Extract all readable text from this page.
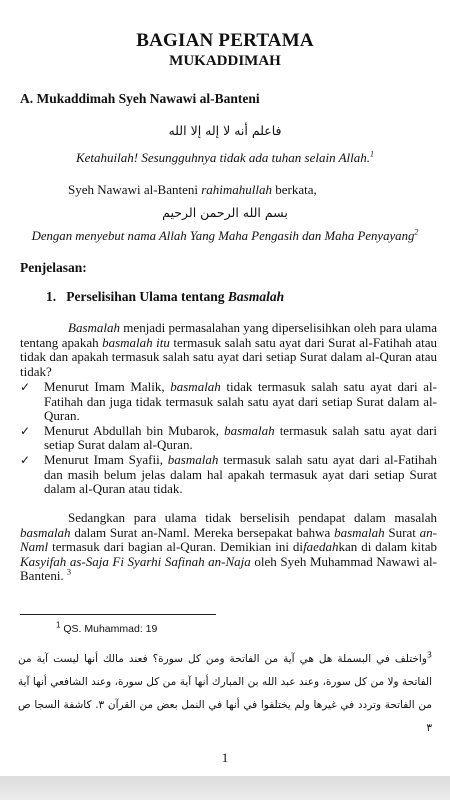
BAGIAN PERTAMA
MUKADDIMAH
A. Mukaddimah Syeh Nawawi al-Banteni
فاعلم أنه لا إله إلا الله
Ketahuilah! Sesungguhnya tidak ada tuhan selain Allah.$^1$
Syeh Nawawi al-Banteni rahimahullah berkata,
بسم الله الرحمن الرحيم
Dengan menyebut nama Allah Yang Maha Pengasih dan Maha Penyayang$^2$
Penjelasan:
1. Perselisihan Ulama tentang Basmalah

Basmalah menjadi permasalahan yang diperselisihkan oleh para ulama tentang apakah basmalah itu termasuk salah satu ayat dari Surat al-Fatihah atau tidak dan apakah termasuk salah satu ayat dari setiap Surat dalam al-Quran atau tidak?

✓	Menurut Imam Malik, basmalah tidak termasuk salah satu ayat dari al-Fatihah dan juga tidak termasuk salah satu ayat dari setiap Surat dalam al-Quran.
✓	Menurut Abdullah bin Mubarok, basmalah termasuk salah satu ayat dari setiap Surat dalam al-Quran.
✓	Menurut Imam Syafii, basmalah termasuk salah satu ayat dari al-Fatihah dan masih belum jelas dalam hal apakah termasuk ayat dari setiap Surat dalam al-Quran atau tidak.

Sedangkan para ulama tidak berselisih pendapat dalam masalah basmalah dalam Surat an-Naml. Mereka bersepakat bahwa basmalah Surat an-Naml termasuk dari bagian al-Quran. Demikian ini difaedahkan di dalam kitab Kasyifah as-Saja Fi Syarhi Safinah an-Naja oleh Syeh Muhammad Nawawi al-Banteni. $^3$

$^1$ QS. Muhammad: 19
$^3$واختلف في البسملة هل هي آية من الفاتحة ومن كل سورة؟ فعند مالك أنها ليست آية من الفاتحة ولا من كل سورة، وعند عبد الله بن المبارك أنها آية من كل سورة، وعند الشافعي أنها آية من الفاتحة وتردد في غيرها ولم يختلفوا في أنها في النمل بعض من القرآن ٣. كاشفة السجا ص ٣
1
